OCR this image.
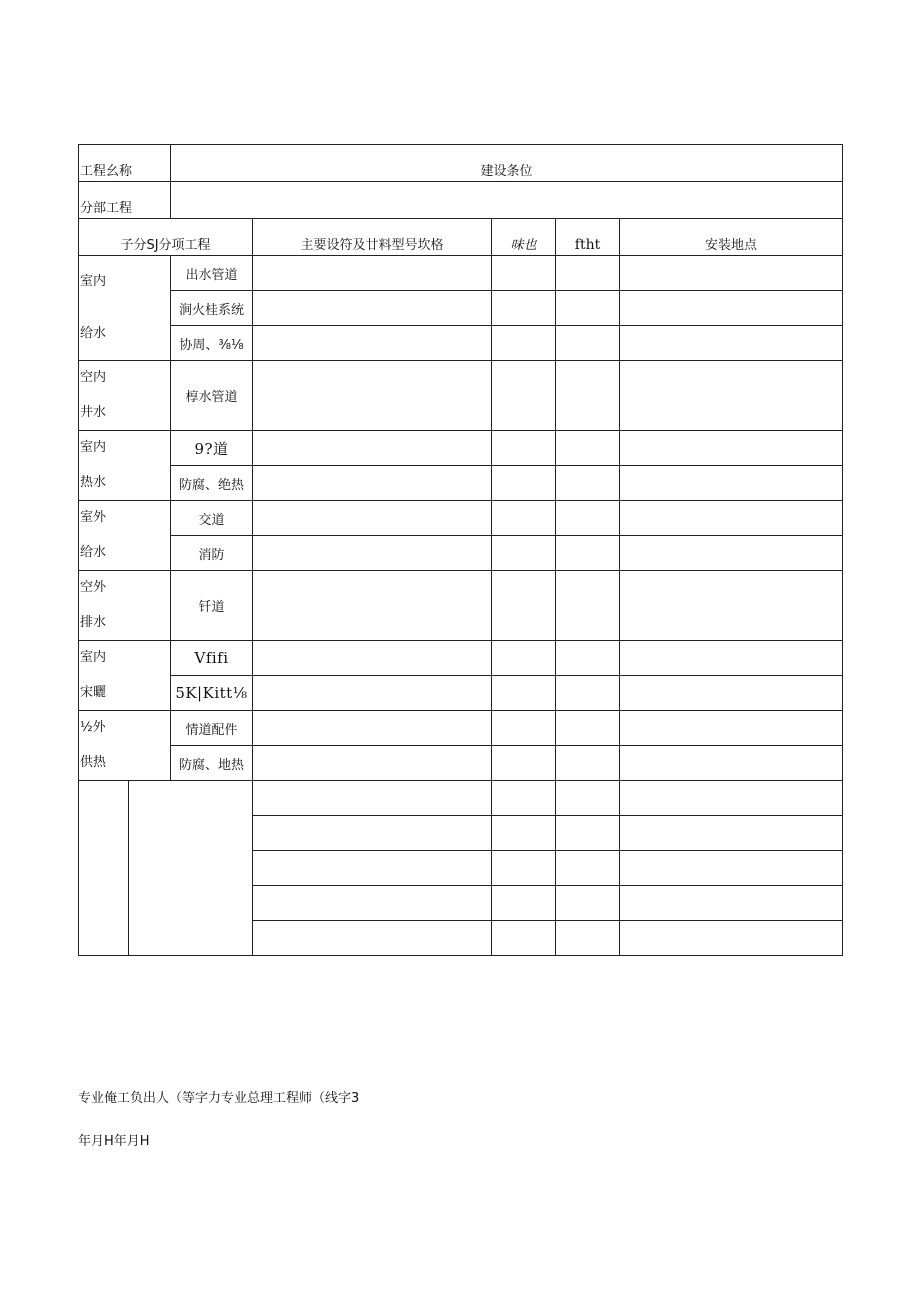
工程幺称		建设条位				
分部工程						
子分SJ分项工程			主要设符及廿料型号坎格	味也	ftht	安装地点

室内
给水		出水管道				
		涧火桂系统				
		协周、⅜⅛				

空内
井水		椁水管道				

室内
热水		9?道				
		防腐、绝热				

室外
给水		交道				
		消防				

空外
排水		钎道				

室内
宋曬		Vfifi				
		5K|Kitt⅛				

½外
供热		情道配件				
		防腐、地热				

专业俺工负出人（等字力专业总理工程师（线字3
年月H年月H
